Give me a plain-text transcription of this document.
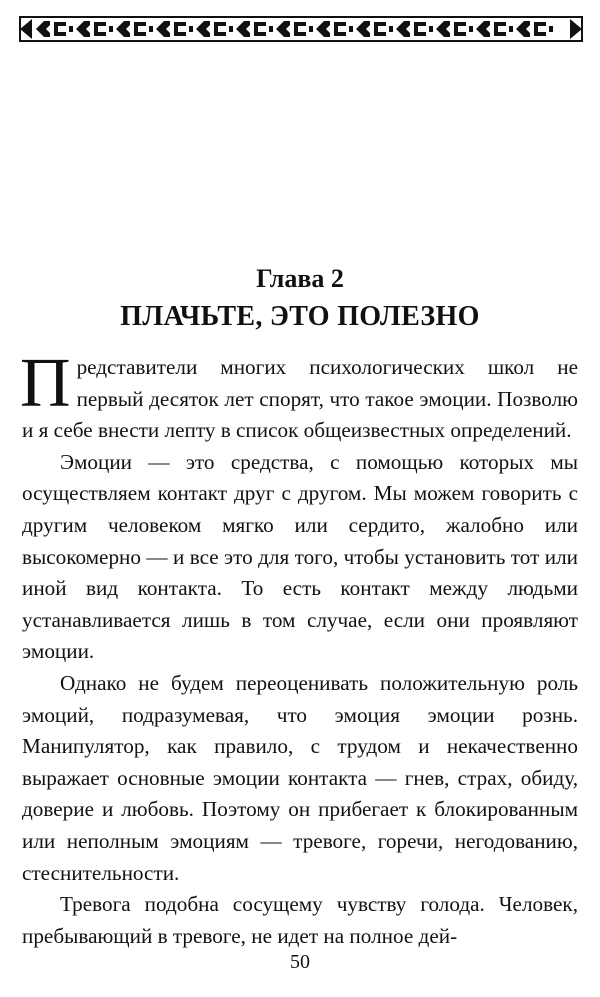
Глава 2
ПЛАЧЬТЕ, ЭТО ПОЛЕЗНО

Представители многих психологических школ не первый десяток лет спорят, что такое эмоции. Позволю и я себе внести лепту в список общеизвестных определений.

Эмоции — это средства, с помощью которых мы осуществляем контакт друг с другом. Мы можем говорить с другим человеком мягко или сердито, жалобно или высокомерно — и все это для того, чтобы установить тот или иной вид контакта. То есть контакт между людьми устанавливается лишь в том случае, если они проявляют эмоции.

Однако не будем переоценивать положительную роль эмоций, подразумевая, что эмоция эмоции рознь. Манипулятор, как правило, с трудом и некачественно выражает основные эмоции контакта — гнев, страх, обиду, доверие и любовь. Поэтому он прибегает к блокированным или неполным эмоциям — тревоге, горечи, негодованию, стеснительности.

Тревога подобна сосущему чувству голода. Человек, пребывающий в тревоге, не идет на полное дей-

50
